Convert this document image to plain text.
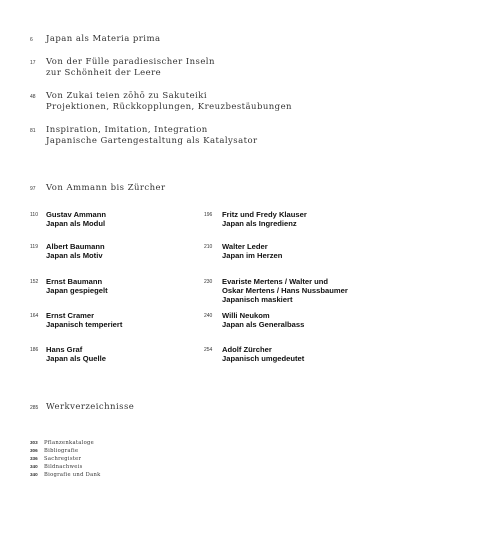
6 Japan als Materia prima
17 Von der Fülle paradiesischer Inseln
zur Schönheit der Leere
48 Von Zukai teien zōhō zu Sakuteiki
Projektionen, Rückkopplungen, Kreuzbestäubungen
81 Inspiration, Imitation, Integration
Japanische Gartengestaltung als Katalysator
97 Von Ammann bis Zürcher
110 Gustav Ammann
Japan als Modul
119 Albert Baumann
Japan als Motiv
152 Ernst Baumann
Japan gespiegelt
164 Ernst Cramer
Japanisch temperiert
186 Hans Graf
Japan als Quelle
196 Fritz und Fredy Klauser
Japan als Ingredienz
210 Walter Leder
Japan im Herzen
230 Evariste Mertens / Walter und
Oskar Mertens / Hans Nussbaumer
Japanisch maskiert
240 Willi Neukom
Japan als Generalbass
254 Adolf Zürcher
Japanisch umgedeutet
285 Werkverzeichnisse
303 Pflanzenkataloge
306 Bibliografie
336 Sachregister
340 Bildnachweis
340 Biografie und Dank
